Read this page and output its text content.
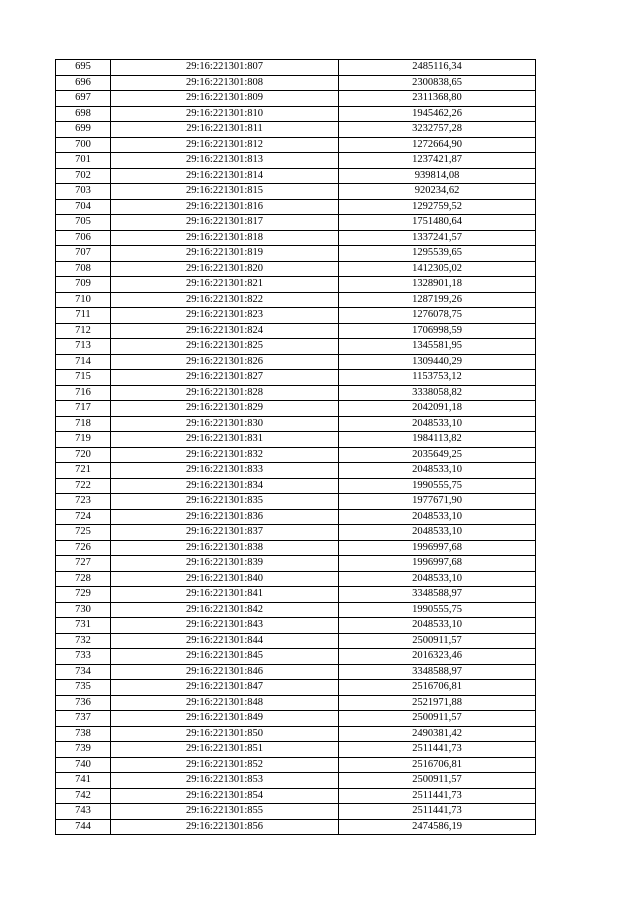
695	29:16:221301:807	2485116,34
696	29:16:221301:808	2300838,65
697	29:16:221301:809	2311368,80
698	29:16:221301:810	1945462,26
699	29:16:221301:811	3232757,28
700	29:16:221301:812	1272664,90
701	29:16:221301:813	1237421,87
702	29:16:221301:814	939814,08
703	29:16:221301:815	920234,62
704	29:16:221301:816	1292759,52
705	29:16:221301:817	1751480,64
706	29:16:221301:818	1337241,57
707	29:16:221301:819	1295539,65
708	29:16:221301:820	1412305,02
709	29:16:221301:821	1328901,18
710	29:16:221301:822	1287199,26
711	29:16:221301:823	1276078,75
712	29:16:221301:824	1706998,59
713	29:16:221301:825	1345581,95
714	29:16:221301:826	1309440,29
715	29:16:221301:827	1153753,12
716	29:16:221301:828	3338058,82
717	29:16:221301:829	2042091,18
718	29:16:221301:830	2048533,10
719	29:16:221301:831	1984113,82
720	29:16:221301:832	2035649,25
721	29:16:221301:833	2048533,10
722	29:16:221301:834	1990555,75
723	29:16:221301:835	1977671,90
724	29:16:221301:836	2048533,10
725	29:16:221301:837	2048533,10
726	29:16:221301:838	1996997,68
727	29:16:221301:839	1996997,68
728	29:16:221301:840	2048533,10
729	29:16:221301:841	3348588,97
730	29:16:221301:842	1990555,75
731	29:16:221301:843	2048533,10
732	29:16:221301:844	2500911,57
733	29:16:221301:845	2016323,46
734	29:16:221301:846	3348588,97
735	29:16:221301:847	2516706,81
736	29:16:221301:848	2521971,88
737	29:16:221301:849	2500911,57
738	29:16:221301:850	2490381,42
739	29:16:221301:851	2511441,73
740	29:16:221301:852	2516706,81
741	29:16:221301:853	2500911,57
742	29:16:221301:854	2511441,73
743	29:16:221301:855	2511441,73
744	29:16:221301:856	2474586,19
